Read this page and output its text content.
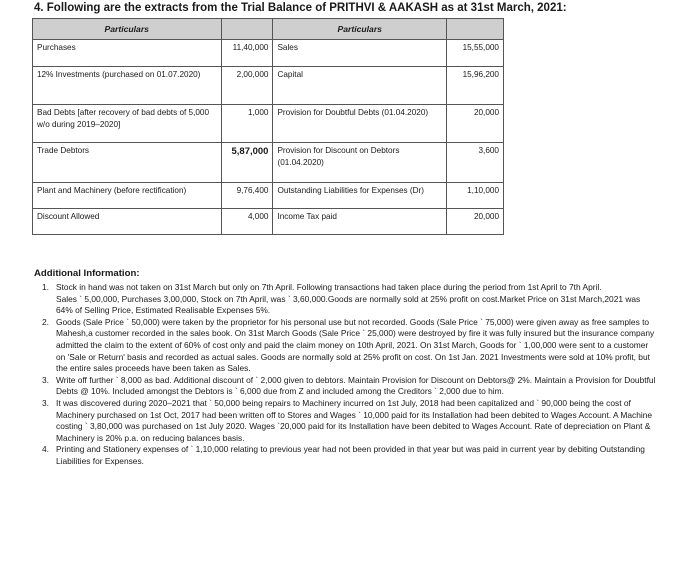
4. Following are the extracts from the Trial Balance of PRITHVI & AAKASH as at 31st March, 2021:
Particulars		Particulars	
Purchases	11,40,000	Sales	15,55,000
12% Investments (purchased on 01.07.2020)	2,00,000	Capital	15,96,200
Bad Debts [after recovery of bad debts of 5,000 w/o during 2019–2020]	1,000	Provision for Doubtful Debts (01.04.2020)	20,000
Trade Debtors	5,87,000	Provision for Discount on Debtors (01.04.2020)	3,600
Plant and Machinery (before rectification)	9,76,400	Outstanding Liabilities for Expenses (Dr)	1,10,000
Discount Allowed	4,000	Income Tax paid	20,000
Additional Information:
1. Stock in hand was not taken on 31st March but only on 7th April. Following transactions had taken place during the period from 1st April to 7th April.
Sales ` 5,00,000, Purchases 3,00,000, Stock on 7th April, was ` 3,60,000.Goods are normally sold at 25% profit on cost.Market Price on 31st March,2021 was 64% of Selling Price, Estimated Realisable Expenses 5%.
2. Goods (Sale Price ` 50,000) were taken by the proprietor for his personal use but not recorded. Goods (Sale Price ` 75,000) were given away as free samples to Mahesh,a customer recorded in the sales book. On 31st March Goods (Sale Price ` 25,000) were destroyed by fire it was fully insured but the insurance company admitted the claim to the extent of 60% of cost only and paid the claim money on 10th April, 2021. On 31st March, Goods for ` 1,00,000 were sent to a customer on 'Sale or Return' basis and recorded as actual sales. Goods are normally sold at 25% profit on cost. On 1st Jan. 2021 Investments were sold at 10% profit, but the entire sales proceeds have been taken as Sales.
3. Write off further ` 8,000 as bad. Additional discount of ` 2,000 given to debtors. Maintain Provision for Discount on Debtors@ 2%. Maintain a Provision for Doubtful Debts @ 10%. Included amongst the Debtors is ` 6,000 due from Z and included among the Creditors ` 2,000 due to him.
3. It was discovered during 2020–2021 that ` 50,000 being repairs to Machinery incurred on 1st July, 2018 had been capitalized and ` 90,000 being the cost of Machinery purchased on 1st Oct, 2017 had been written off to Stores and Wages ` 10,000 paid for its Installation had been debited to Wages Account. A Machine costing ` 3,80,000 was purchased on 1st July 2020. Wages `20,000 paid for its Installation have been debited to Wages Account. Rate of depreciation on Plant & Machinery is 20% p.a. on reducing balances basis.
4. Printing and Stationery expenses of ` 1,10,000 relating to previous year had not been provided in that year but was paid in current year by debiting Outstanding Liabilities for Expenses.
